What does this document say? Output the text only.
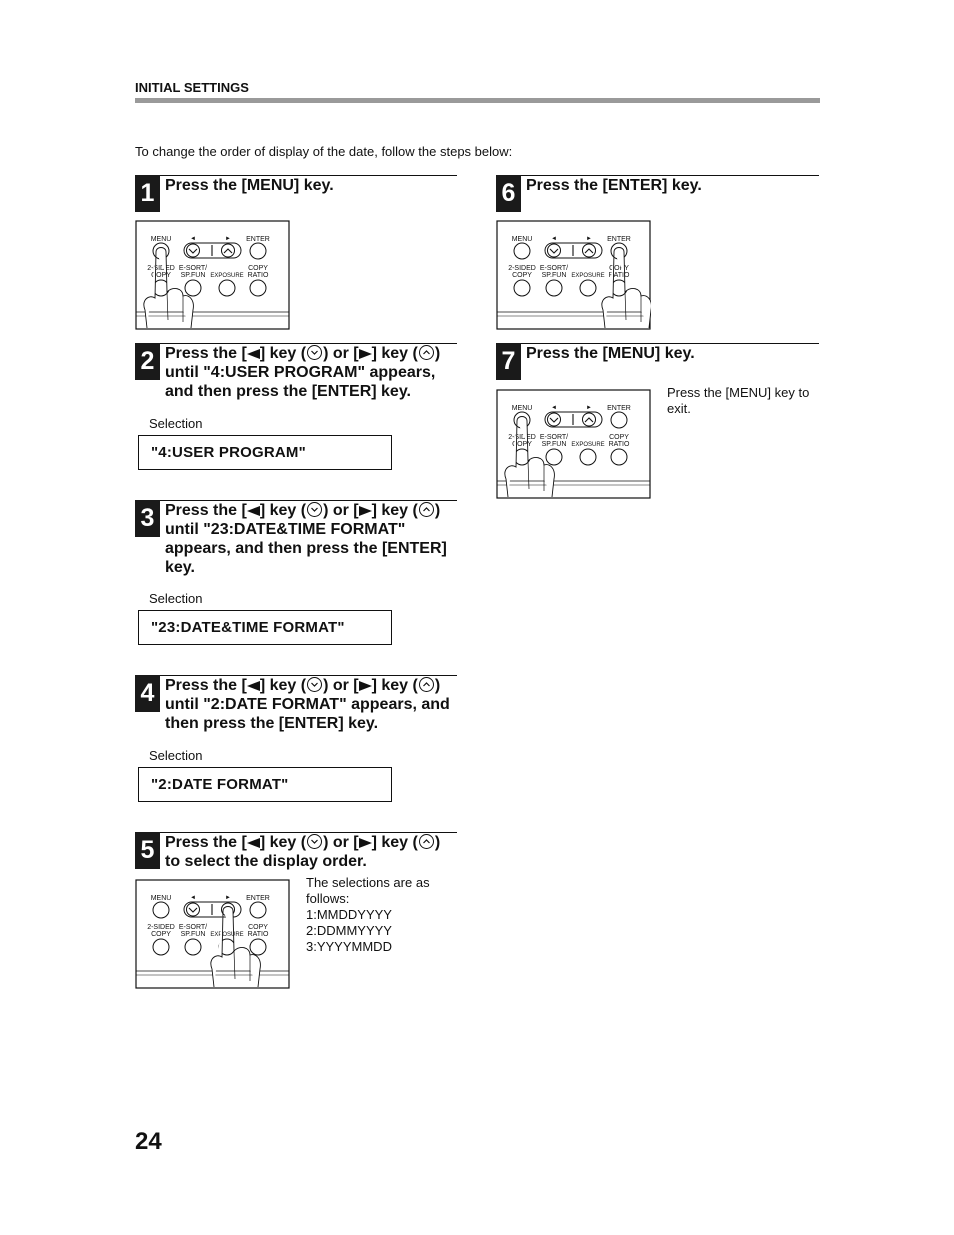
INITIAL SETTINGS
To change the order of display of the date, follow the steps below:
1 Press the [MENU] key.
MENU	◄	► ENTER
2-SIDED
COPY
E-SORT/
SP.FUN EXPOSURE
COPY
RATIO
2 Press the [ ] key ( ) or [ ] key ( ) until "4:USER PROGRAM" appears, and then press the [ENTER] key.
Selection
"4:USER PROGRAM"
3 Press the [ ] key ( ) or [ ] key ( ) until "23:DATE&TIME FORMAT" appears, and then press the [ENTER] key.
Selection
"23:DATE&TIME FORMAT"
4 Press the [ ] key ( ) or [ ] key ( ) until "2:DATE FORMAT" appears, and then press the [ENTER] key.
Selection
"2:DATE FORMAT"
5 Press the [ ] key ( ) or [ ] key ( ) to select the display order.
MENU	◄	► ENTER
2-SIDED
COPY
E-SORT/
SP.FUN EXPOSURE
COPY
RATIO
The selections are as
follows:
1:MMDDYYYY
2:DDMMYYYY
3:YYYYMMDD
6 Press the [ENTER] key.
MENU	◄	► ENTER
2-SIDED
COPY
E-SORT/
SP.FUN EXPOSURE
COPY
RATIO
7 Press the [MENU] key.
MENU	◄	► ENTER
2-SIDED
COPY
E-SORT/
SP.FUN EXPOSURE
COPY
RATIO
Press the [MENU] key to
exit.
24
